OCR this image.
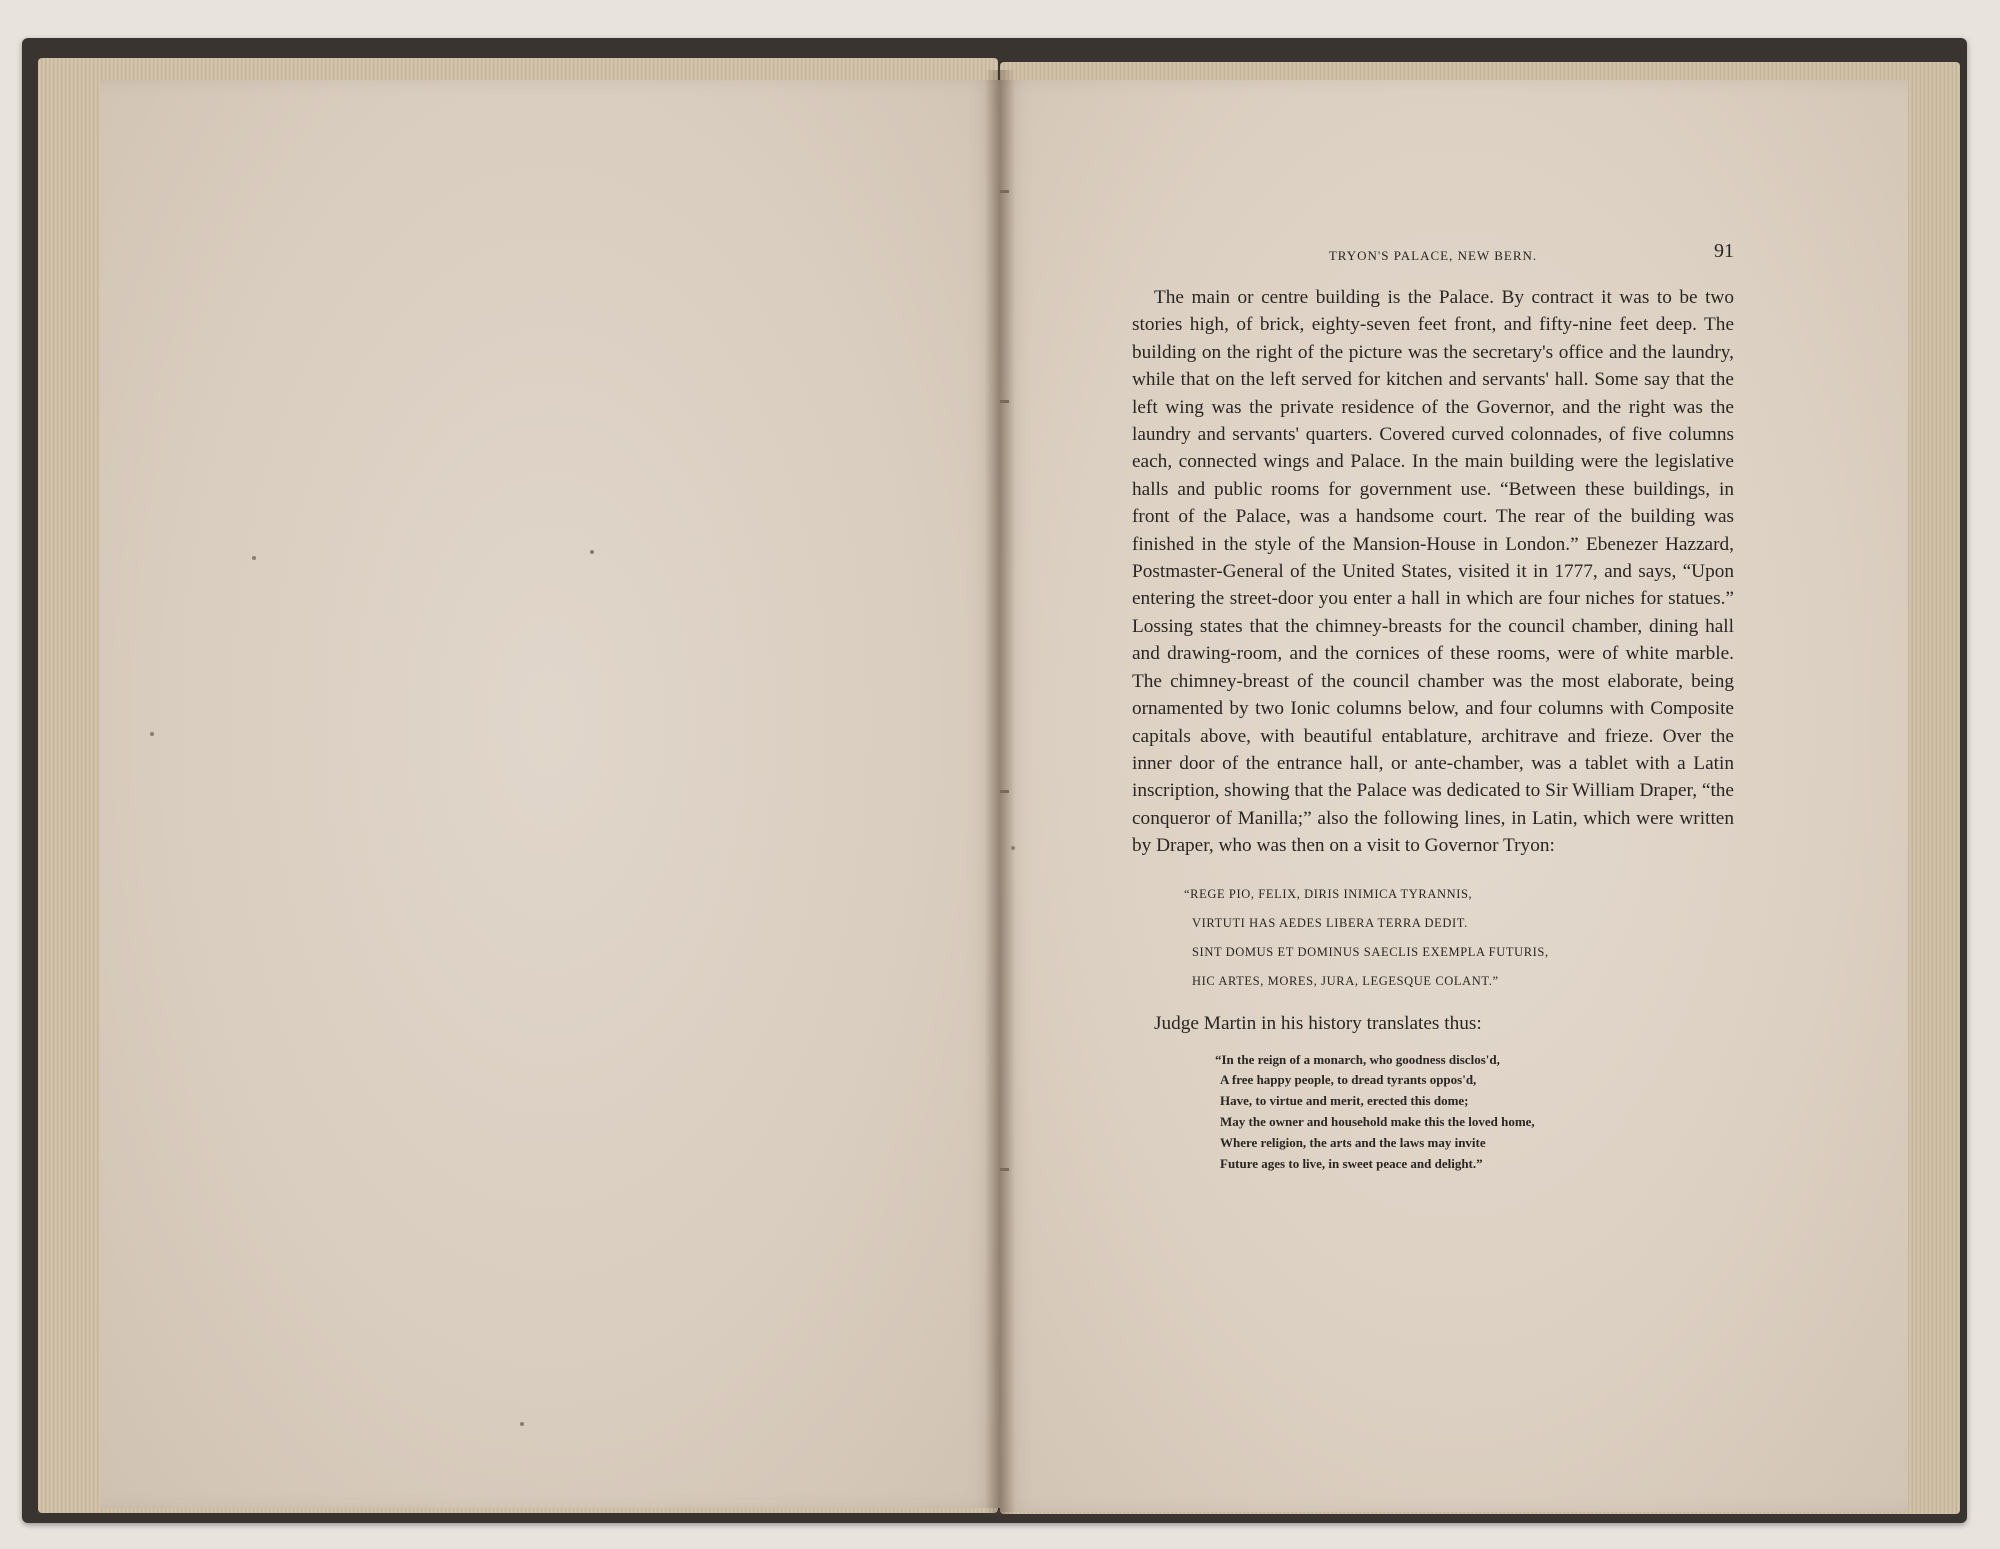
TRYON'S PALACE, NEW BERN.	91

The main or centre building is the Palace. By contract it was to be two stories high, of brick, eighty-seven feet front, and fifty-nine feet deep. The building on the right of the picture was the secretary's office and the laundry, while that on the left served for kitchen and servants' hall. Some say that the left wing was the private residence of the Governor, and the right was the laundry and servants' quarters. Covered curved colonnades, of five columns each, connected wings and Palace. In the main building were the legislative halls and public rooms for government use. “Between these buildings, in front of the Palace, was a handsome court. The rear of the building was finished in the style of the Mansion-House in London.” Ebenezer Hazzard, Postmaster-General of the United States, visited it in 1777, and says, “Upon entering the street-door you enter a hall in which are four niches for statues.” Lossing states that the chimney-breasts for the council chamber, dining hall and drawing-room, and the cornices of these rooms, were of white marble. The chimney-breast of the council chamber was the most elaborate, being ornamented by two Ionic columns below, and four columns with Composite capitals above, with beautiful entablature, architrave and frieze. Over the inner door of the entrance hall, or ante-chamber, was a tablet with a Latin inscription, showing that the Palace was dedicated to Sir William Draper, “the conqueror of Manilla;” also the following lines, in Latin, which were written by Draper, who was then on a visit to Governor Tryon:

“REGE PIO, FELIX, DIRIS INIMICA TYRANNIS,
VIRTUTI HAS AEDES LIBERA TERRA DEDIT.
SINT DOMUS ET DOMINUS SAECLIS EXEMPLA FUTURIS,
HIC ARTES, MORES, JURA, LEGESQUE COLANT.”
Judge Martin in his history translates thus:
“In the reign of a monarch, who goodness disclos'd,
A free happy people, to dread tyrants oppos'd,
Have, to virtue and merit, erected this dome;
May the owner and household make this the loved home,
Where religion, the arts and the laws may invite
Future ages to live, in sweet peace and delight.”
